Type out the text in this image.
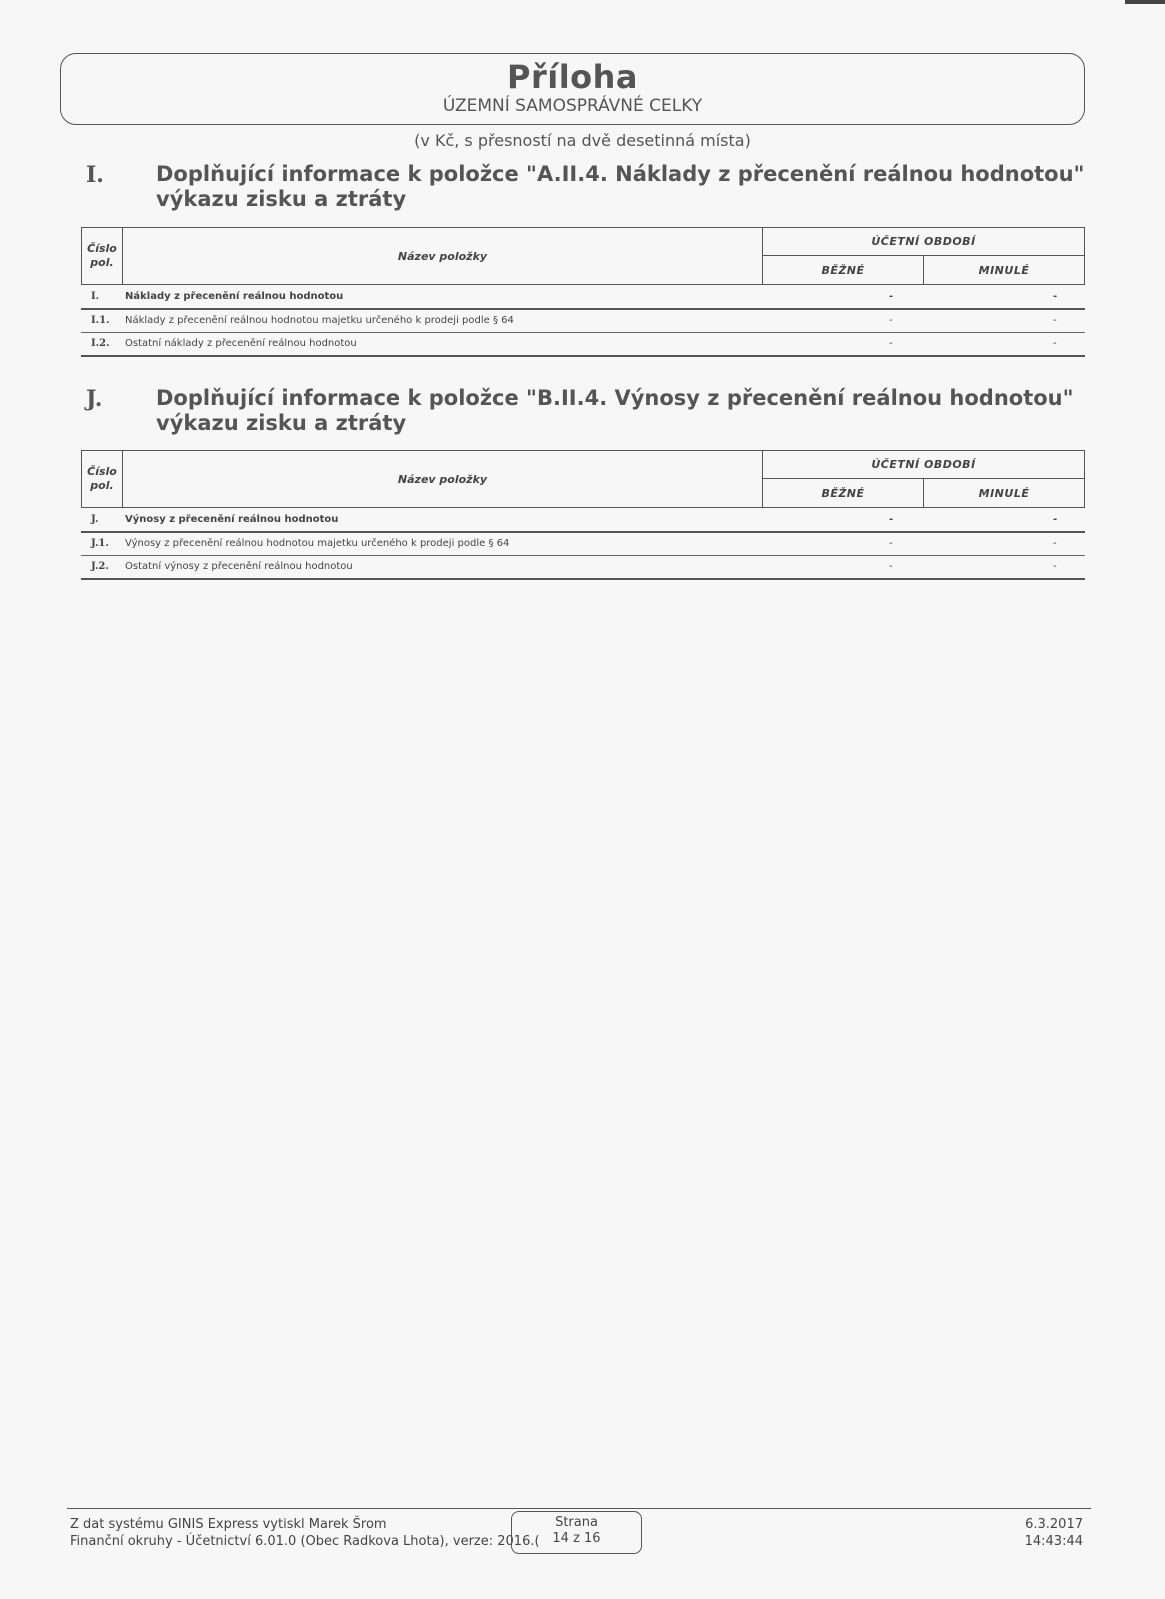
Příloha
ÚZEMNÍ SAMOSPRÁVNÉ CELKY
(v Kč, s přesností na dvě desetinná místa)
I. Doplňující informace k položce "A.II.4. Náklady z přecenění reálnou hodnotou"
výkazu zisku a ztráty
Číslo pol.	Název položky	ÚČETNÍ OBDOBÍ	
		BĚŽNÉ	MINULÉ
I.	Náklady z přecenění reálnou hodnotou	-	-
I.1.	Náklady z přecenění reálnou hodnotou majetku určeného k prodeji podle § 64	-	-
I.2.	Ostatní náklady z přecenění reálnou hodnotou	-	-
J.	Doplňující informace k položce "B.II.4. Výnosy z přecenění reálnou hodnotou"
výkazu zisku a ztráty
Číslo pol.	Název položky	ÚČETNÍ OBDOBÍ	
		BĚŽNÉ	MINULÉ
J.	Výnosy z přecenění reálnou hodnotou	-	-
J.1.	Výnosy z přecenění reálnou hodnotou majetku určeného k prodeji podle § 64	-	-
J.2.	Ostatní výnosy z přecenění reálnou hodnotou	-	-
Z dat systému GINIS Express vytiskl Marek Šrom
Finanční okruhy - Účetnictví 6.01.0 (Obec Radkova Lhota), verze: 2016.(
Strana
14 z 16
6.3.2017
14:43:44
